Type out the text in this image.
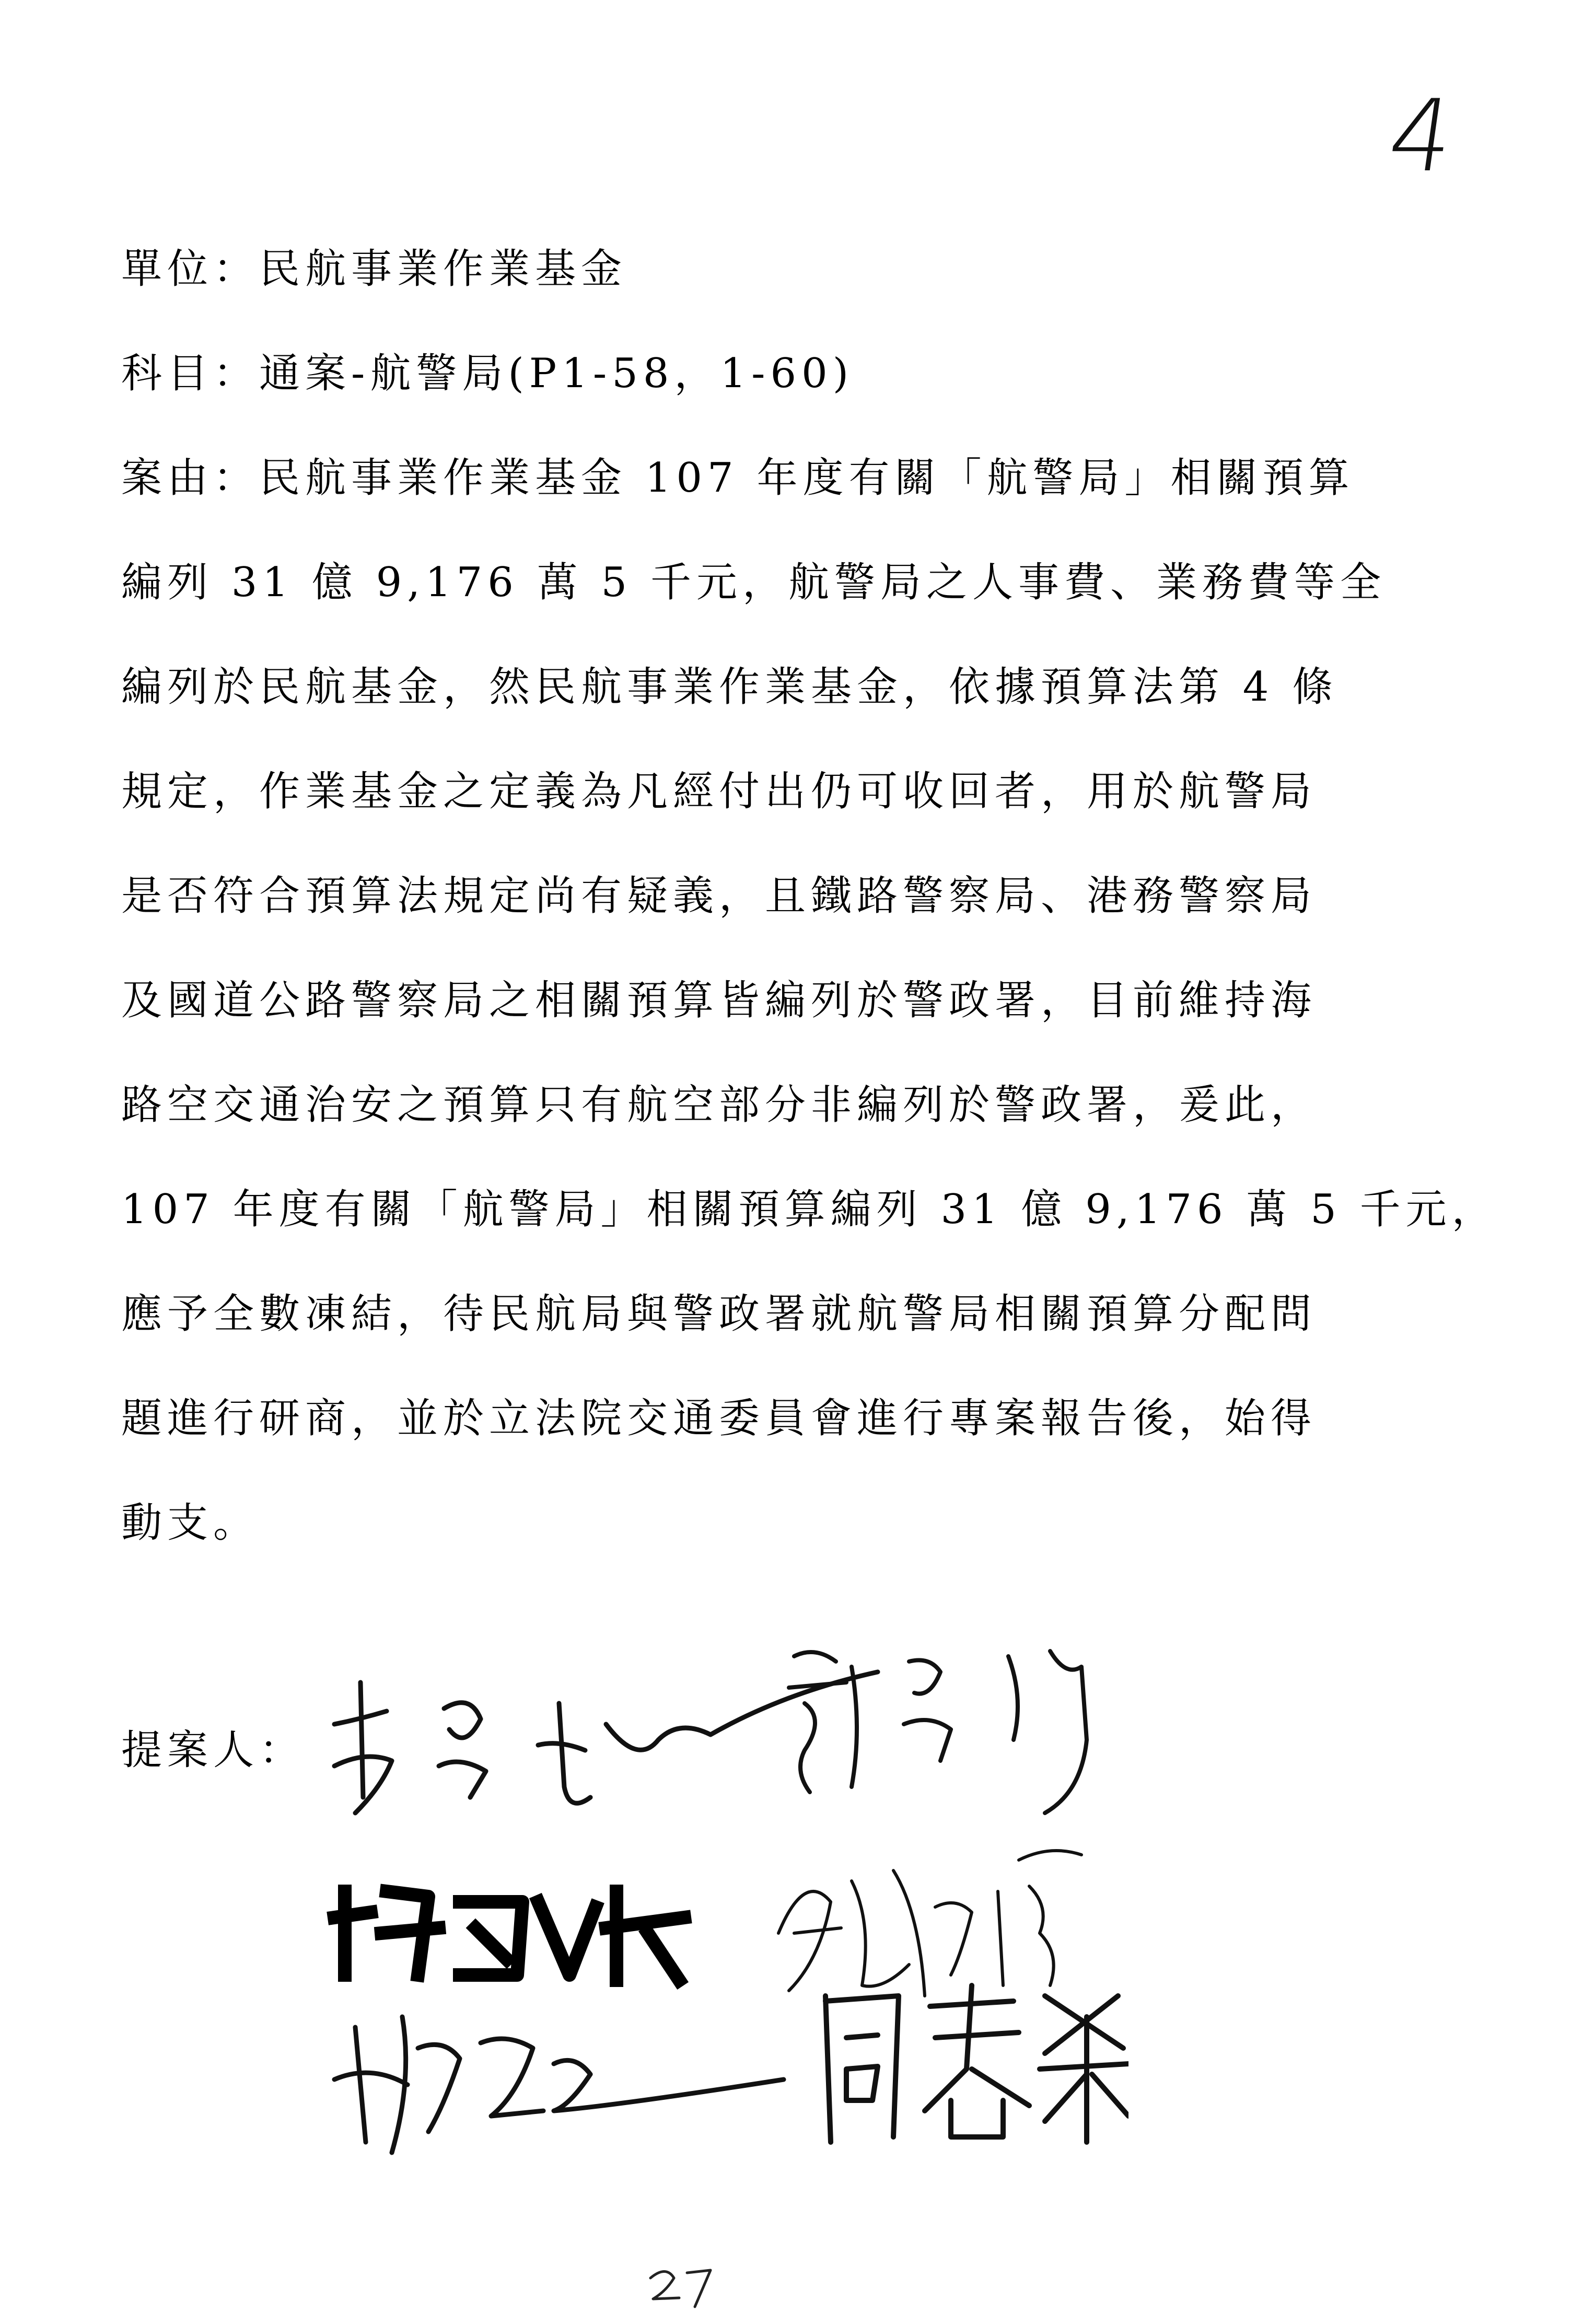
4
單位：民航事業作業基金
科目：通案-航警局(P1-58，1-60)
案由：民航事業作業基金 107 年度有關「航警局」相關預算
編列 31 億 9,176 萬 5 千元，航警局之人事費、業務費等全
編列於民航基金，然民航事業作業基金，依據預算法第 4 條
規定，作業基金之定義為凡經付出仍可收回者，用於航警局
是否符合預算法規定尚有疑義，且鐵路警察局、港務警察局
及國道公路警察局之相關預算皆編列於警政署，目前維持海
路空交通治安之預算只有航空部分非編列於警政署，爰此，
107 年度有關「航警局」相關預算編列 31 億 9,176 萬 5 千元，
應予全數凍結，待民航局與警政署就航警局相關預算分配問
題進行研商，並於立法院交通委員會進行專案報告後，始得
動支。
提案人：
